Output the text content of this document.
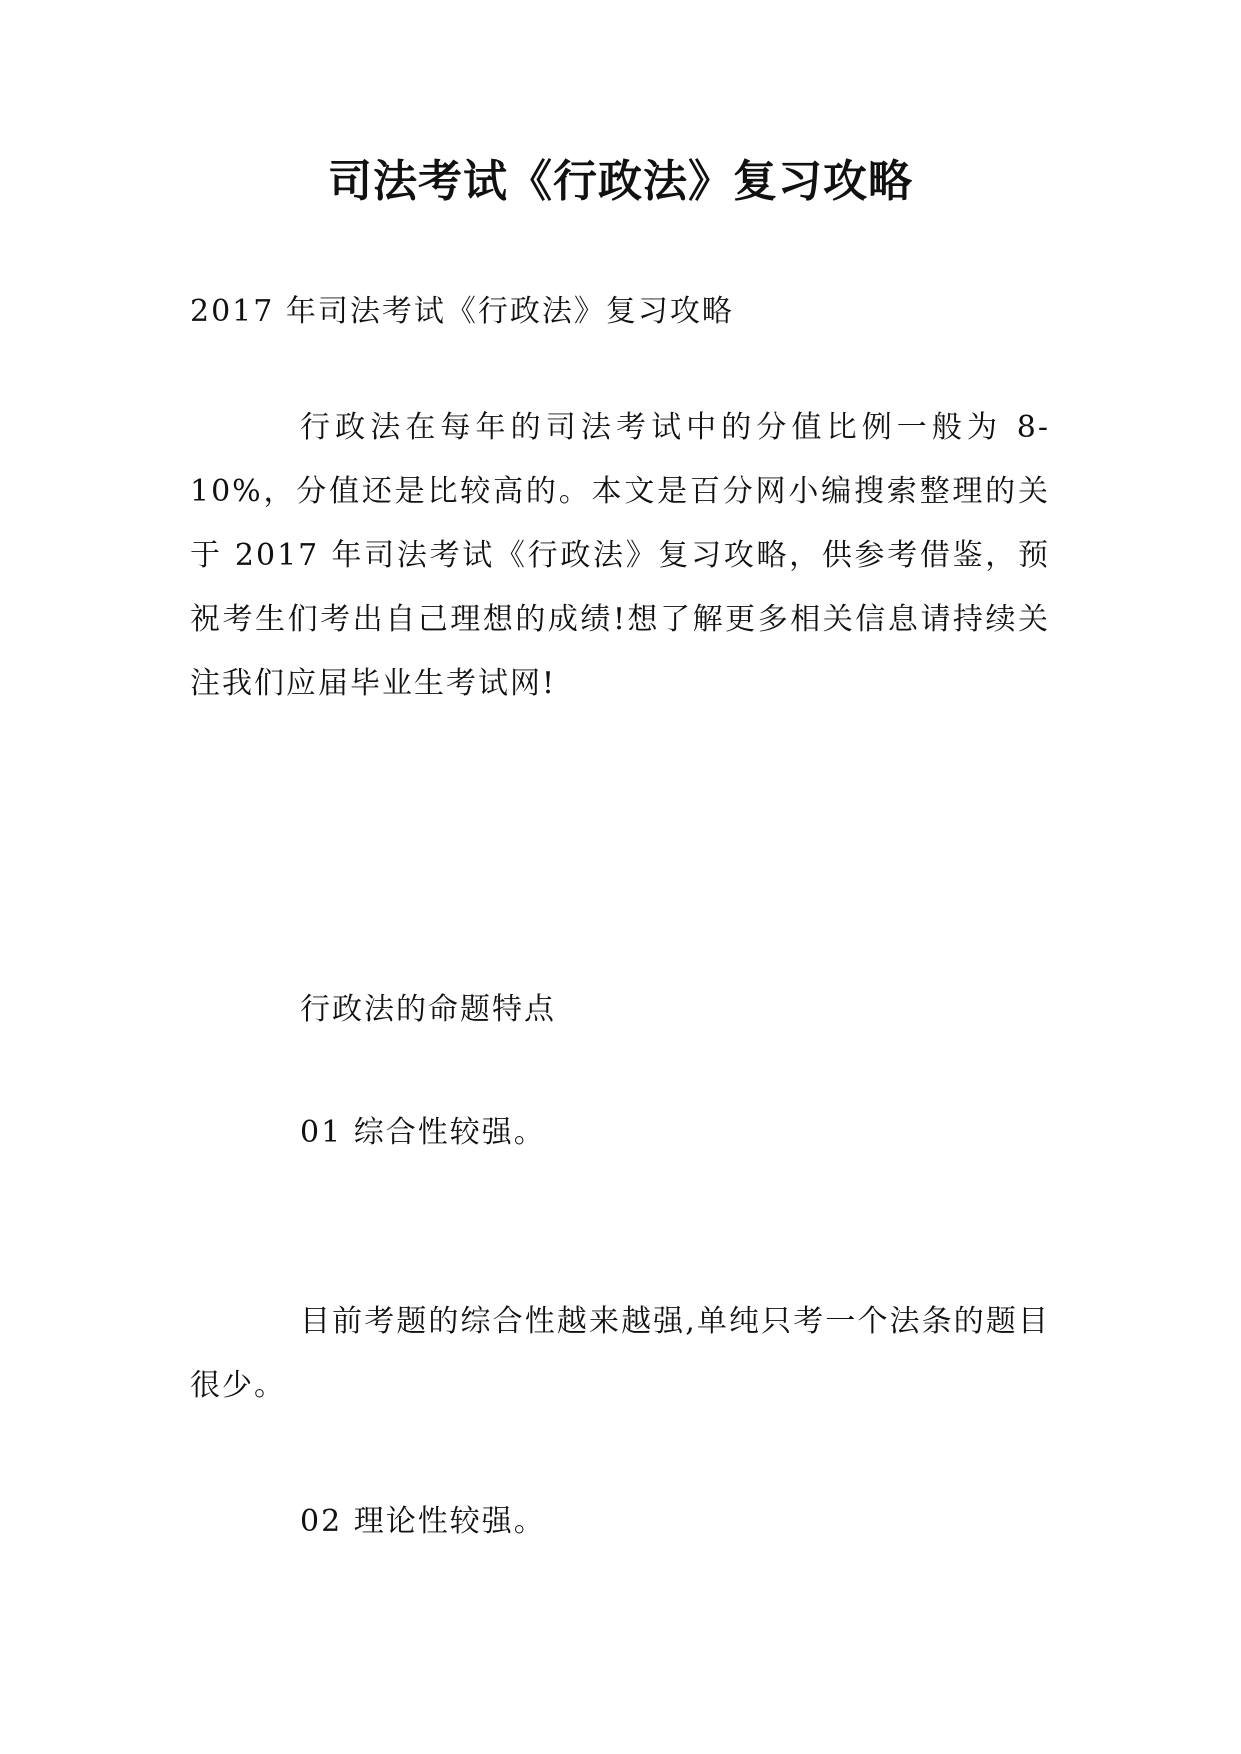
司法考试《行政法》复习攻略
2017 年司法考试《行政法》复习攻略
行政法在每年的司法考试中的分值比例一般为 8-10%，分值还是比较高的。本文是百分网小编搜索整理的关于 2017 年司法考试《行政法》复习攻略，供参考借鉴，预祝考生们考出自己理想的成绩!想了解更多相关信息请持续关注我们应届毕业生考试网!
行政法的命题特点
01 综合性较强。
目前考题的综合性越来越强,单纯只考一个法条的题目很少。
02 理论性较强。
